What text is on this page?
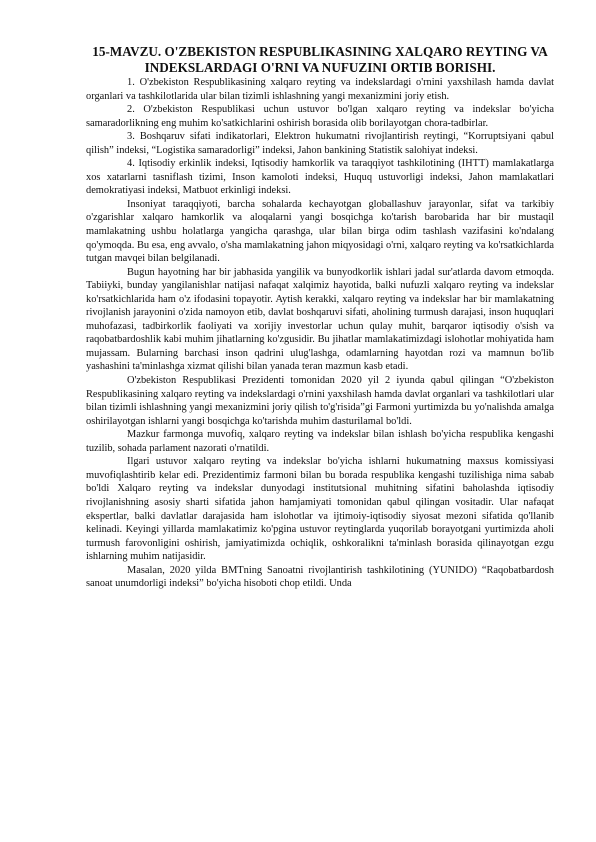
15-MAVZU. O'ZBEKISTON RESPUBLIKASINING XALQARO REYTING VA INDEKSLARDAGI O'RNI VA NUFUZINI ORTIB BORISHI.

1. O'zbekiston Respublikasining xalqaro reyting va indekslardagi o'rnini yaxshilash hamda davlat organlari va tashkilotlarida ular bilan tizimli ishlashning yangi mexanizmini joriy etish.

2. O'zbekiston Respublikasi uchun ustuvor bo'lgan xalqaro reyting va indekslar bo'yicha samaradorlikning eng muhim ko'satkichlarini oshirish borasida olib borilayotgan chora-tadbirlar.

3. Boshqaruv sifati indikatorlari, Elektron hukumatni rivojlantirish reytingi, “Korruptsiyani qabul qilish” indeksi, “Logistika samaradorligi” indeksi, Jahon bankining Statistik salohiyat indeksi.

4. Iqtisodiy erkinlik indeksi, Iqtisodiy hamkorlik va taraqqiyot tashkilotining (IHTT) mamlakatlarga xos xatarlarni tasniflash tizimi, Inson kamoloti indeksi, Huquq ustuvorligi indeksi, Jahon mamlakatlari demokratiyasi indeksi, Matbuot erkinligi indeksi.

Insoniyat taraqqiyoti, barcha sohalarda kechayotgan globallashuv jarayonlar, sifat va tarkibiy o'zgarishlar xalqaro hamkorlik va aloqalarni yangi bosqichga ko'tarish barobarida har bir mustaqil mamlakatning ushbu holatlarga yangicha qarashga, ular bilan birga odim tashlash vazifasini ko'ndalang qo'ymoqda. Bu esa, eng avvalo, o'sha mamlakatning jahon miqyosidagi o'rni, xalqaro reyting va ko'rsatkichlarda tutgan mavqei bilan belgilanadi.

Bugun hayotning har bir jabhasida yangilik va bunyodkorlik ishlari jadal sur'atlarda davom etmoqda. Tabiiyki, bunday yangilanishlar natijasi nafaqat xalqimiz hayotida, balki nufuzli xalqaro reyting va indekslar ko'rsatkichlarida ham o'z ifodasini topayotir. Aytish kerakki, xalqaro reyting va indekslar har bir mamlakatning rivojlanish jarayonini o'zida namoyon etib, davlat boshqaruvi sifati, aholining turmush darajasi, inson huquqlari muhofazasi, tadbirkorlik faoliyati va xorijiy investorlar uchun qulay muhit, barqaror iqtisodiy o'sish va raqobatbardoshlik kabi muhim jihatlarning ko'zgusidir. Bu jihatlar mamlakatimizdagi islohotlar mohiyatida ham mujassam. Bularning barchasi inson qadrini ulug'lashga, odamlarning hayotdan rozi va mamnun bo'lib yashashini ta'minlashga xizmat qilishi bilan yanada teran mazmun kasb etadi.

O'zbekiston Respublikasi Prezidenti tomonidan 2020 yil 2 iyunda qabul qilingan “O'zbekiston Respublikasining xalqaro reyting va indekslardagi o'rnini yaxshilash hamda davlat organlari va tashkilotlari ular bilan tizimli ishlashning yangi mexanizmini joriy qilish to'g'risida”gi Farmoni yurtimizda bu yo'nalishda amalga oshirilayotgan ishlarni yangi bosqichga ko'tarishda muhim dasturilamal bo'ldi.

Mazkur farmonga muvofiq, xalqaro reyting va indekslar bilan ishlash bo'yicha respublika kengashi tuzilib, sohada parlament nazorati o'rnatildi.

Ilgari ustuvor xalqaro reyting va indekslar bo'yicha ishlarni hukumatning maxsus komissiyasi muvofiqlashtirib kelar edi. Prezidentimiz farmoni bilan bu borada respublika kengashi tuzilishiga nima sabab bo'ldi Xalqaro reyting va indekslar dunyodagi institutsional muhitning sifatini baholashda iqtisodiy rivojlanishning asosiy sharti sifatida jahon hamjamiyati tomonidan qabul qilingan vositadir. Ular nafaqat ekspertlar, balki davlatlar darajasida ham islohotlar va ijtimoiy-iqtisodiy siyosat mezoni sifatida qo'llanib kelinadi. Keyingi yillarda mamlakatimiz ko'pgina ustuvor reytinglarda yuqorilab borayotgani yurtimizda aholi turmush farovonligini oshirish, jamiyatimizda ochiqlik, oshkoralikni ta'minlash borasida qilinayotgan ezgu ishlarning muhim natijasidir.

Masalan, 2020 yilda BMTning Sanoatni rivojlantirish tashkilotining (YUNIDO) “Raqobatbardosh sanoat unumdorligi indeksi” bo'yicha hisoboti chop etildi. Unda
